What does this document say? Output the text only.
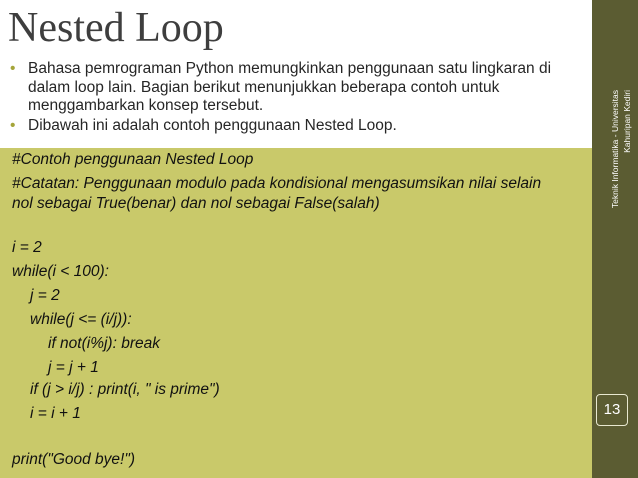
Nested Loop
• Bahasa pemrograman Python memungkinkan penggunaan satu lingkaran di dalam loop lain. Bagian berikut menunjukkan beberapa contoh untuk menggambarkan konsep tersebut.
• Dibawah ini adalah contoh penggunaan Nested Loop.
#Contoh penggunaan Nested Loop
#Catatan: Penggunaan modulo pada kondisional mengasumsikan nilai selain
nol sebagai True(benar) dan nol sebagai False(salah)
i = 2
while(i < 100):
j = 2
while(j <= (i/j)):
if not(i%j): break
j = j + 1
if (j > i/j) : print(i, " is prime")
i = i + 1
print("Good bye!")
Teknik Informatika - Universitas Kahuripan Kediri
13
